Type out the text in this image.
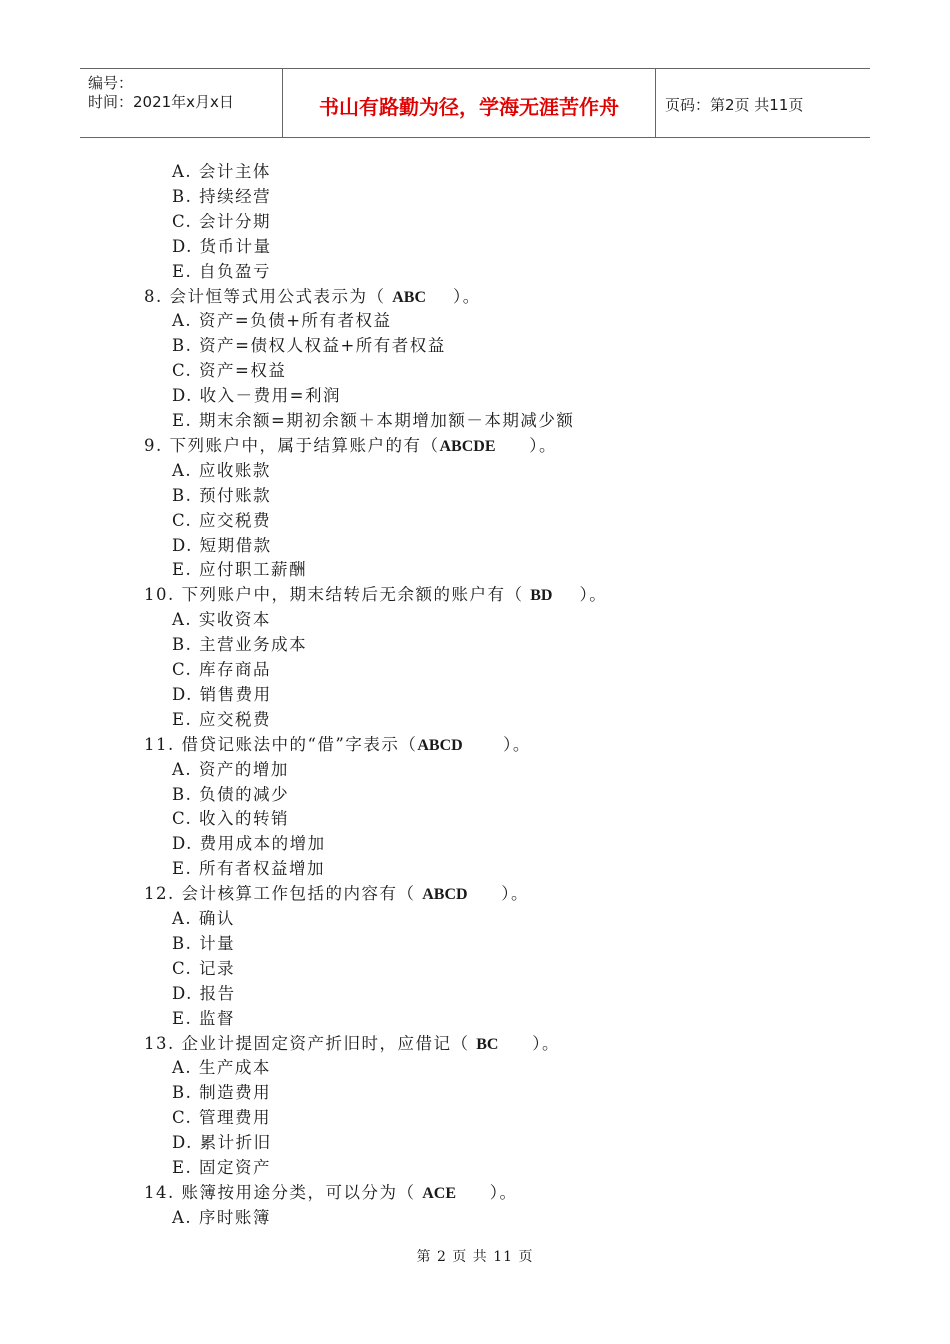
编号：
时间：2021年x月x日	书山有路勤为径，学海无涯苦作舟	页码：第2页 共11页
A. 会计主体
B. 持续经营
C. 会计分期
D. 货币计量
E. 自负盈亏
8. 会计恒等式用公式表示为（ ABC    ）。
A. 资产=负债+所有者权益
B. 资产=债权人权益+所有者权益
C. 资产=权益
D. 收入－费用=利润
E. 期末余额=期初余额＋本期增加额－本期减少额
9. 下列账户中，属于结算账户的有（ABCDE     ）。
A. 应收账款
B. 预付账款
C. 应交税费
D. 短期借款
E. 应付职工薪酬
10. 下列账户中，期末结转后无余额的账户有（ BD    ）。
A. 实收资本
B. 主营业务成本
C. 库存商品
D. 销售费用
E. 应交税费
11. 借贷记账法中的“借”字表示（ABCD      ）。
A. 资产的增加
B. 负债的减少
C. 收入的转销
D. 费用成本的增加
E. 所有者权益增加
12. 会计核算工作包括的内容有（ ABCD     ）。
A. 确认
B. 计量
C. 记录
D. 报告
E. 监督
13. 企业计提固定资产折旧时，应借记（ BC     ）。
A. 生产成本
B. 制造费用
C. 管理费用
D. 累计折旧
E. 固定资产
14. 账簿按用途分类，可以分为（ ACE     ）。
A. 序时账簿
第 2 页 共 11 页
